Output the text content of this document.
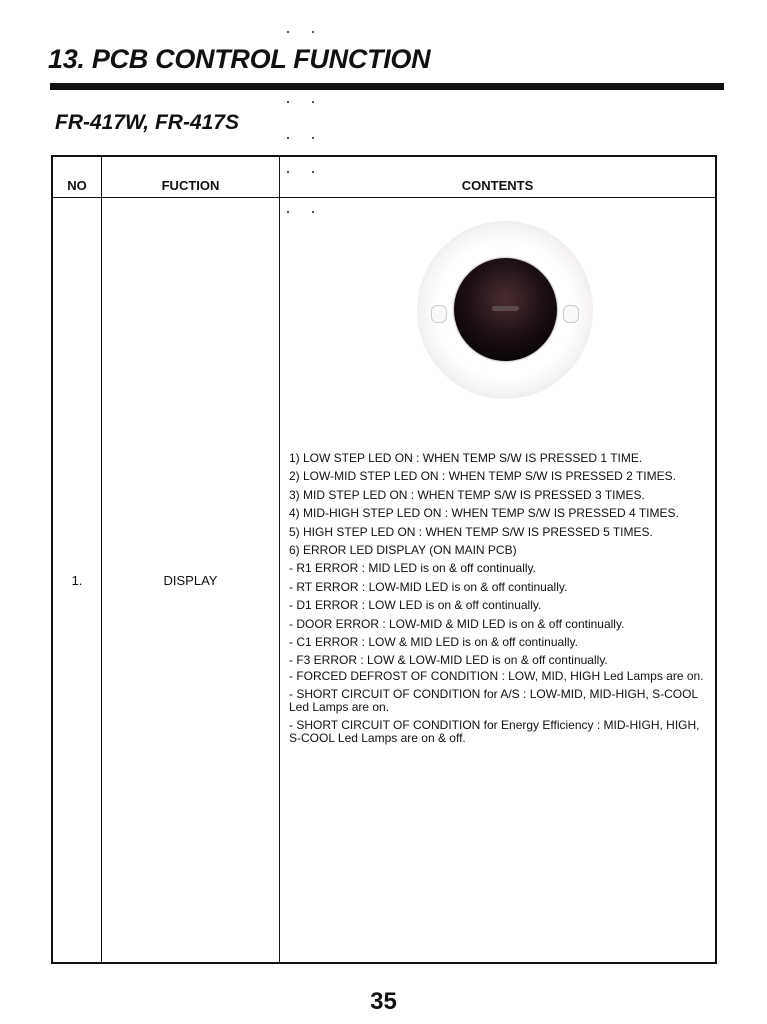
13. PCB CONTROL FUNCTION
FR-417W, FR-417S
NO	FUCTION	CONTENTS
1.	DISPLAY
1) LOW STEP LED ON : WHEN TEMP S/W IS PRESSED 1 TIME.
2) LOW-MID STEP LED ON : WHEN TEMP S/W IS PRESSED 2 TIMES.
3) MID STEP LED ON : WHEN TEMP S/W IS PRESSED 3 TIMES.
4) MID-HIGH STEP LED ON : WHEN TEMP S/W IS PRESSED 4 TIMES.
5) HIGH STEP LED ON : WHEN TEMP S/W IS PRESSED 5 TIMES.
6) ERROR LED DISPLAY (ON MAIN PCB)
- R1 ERROR : MID LED is on & off continually.
- RT ERROR : LOW-MID LED is on & off continually.
- D1 ERROR : LOW LED is on & off continually.
- DOOR ERROR : LOW-MID & MID LED is on & off continually.
- C1 ERROR : LOW & MID LED is on & off continually.
- F3 ERROR : LOW & LOW-MID LED is on & off continually.
- FORCED DEFROST OF CONDITION : LOW, MID, HIGH Led Lamps are on.
- SHORT CIRCUIT OF CONDITION for A/S : LOW-MID, MID-HIGH, S-COOL Led Lamps are on.
- SHORT CIRCUIT OF CONDITION for Energy Efficiency : MID-HIGH, HIGH, S-COOL Led Lamps are on & off.
35
